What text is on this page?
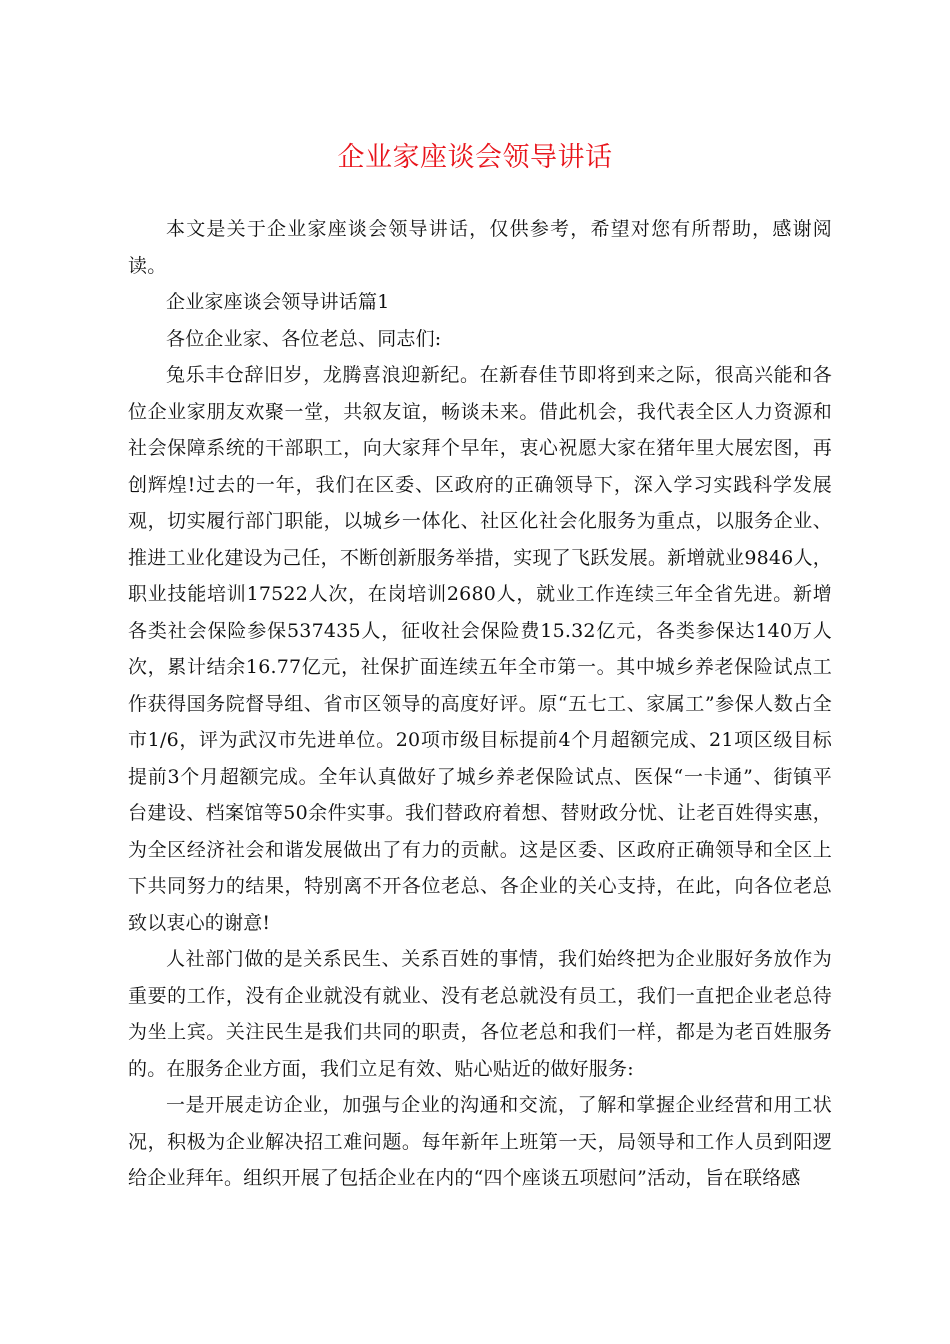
企业家座谈会领导讲话

本文是关于企业家座谈会领导讲话，仅供参考，希望对您有所帮助，感谢阅读。

企业家座谈会领导讲话篇1

各位企业家、各位老总、同志们:

兔乐丰仓辞旧岁，龙腾喜浪迎新纪。在新春佳节即将到来之际，很高兴能和各位企业家朋友欢聚一堂，共叙友谊，畅谈未来。借此机会，我代表全区人力资源和社会保障系统的干部职工，向大家拜个早年，衷心祝愿大家在猪年里大展宏图，再创辉煌!过去的一年，我们在区委、区政府的正确领导下，深入学习实践科学发展观，切实履行部门职能，以城乡一体化、社区化社会化服务为重点，以服务企业、推进工业化建设为己任，不断创新服务举措，实现了飞跃发展。新增就业9846人，职业技能培训17522人次，在岗培训2680人，就业工作连续三年全省先进。新增各类社会保险参保537435人，征收社会保险费15.32亿元，各类参保达140万人次，累计结余16.77亿元，社保扩面连续五年全市第一。其中城乡养老保险试点工作获得国务院督导组、省市区领导的高度好评。原“五七工、家属工”参保人数占全市1/6，评为武汉市先进单位。20项市级目标提前4个月超额完成、21项区级目标提前3个月超额完成。全年认真做好了城乡养老保险试点、医保“一卡通”、街镇平台建设、档案馆等50余件实事。我们替政府着想、替财政分忧、让老百姓得实惠，为全区经济社会和谐发展做出了有力的贡献。这是区委、区政府正确领导和全区上下共同努力的结果，特别离不开各位老总、各企业的关心支持，在此，向各位老总致以衷心的谢意!

人社部门做的是关系民生、关系百姓的事情，我们始终把为企业服好务放作为重要的工作，没有企业就没有就业、没有老总就没有员工，我们一直把企业老总待为坐上宾。关注民生是我们共同的职责，各位老总和我们一样，都是为老百姓服务的。在服务企业方面，我们立足有效、贴心贴近的做好服务:

一是开展走访企业，加强与企业的沟通和交流，了解和掌握企业经营和用工状况，积极为企业解决招工难问题。每年新年上班第一天，局领导和工作人员到阳逻给企业拜年。组织开展了包括企业在内的“四个座谈五项慰问”活动，旨在联络感
